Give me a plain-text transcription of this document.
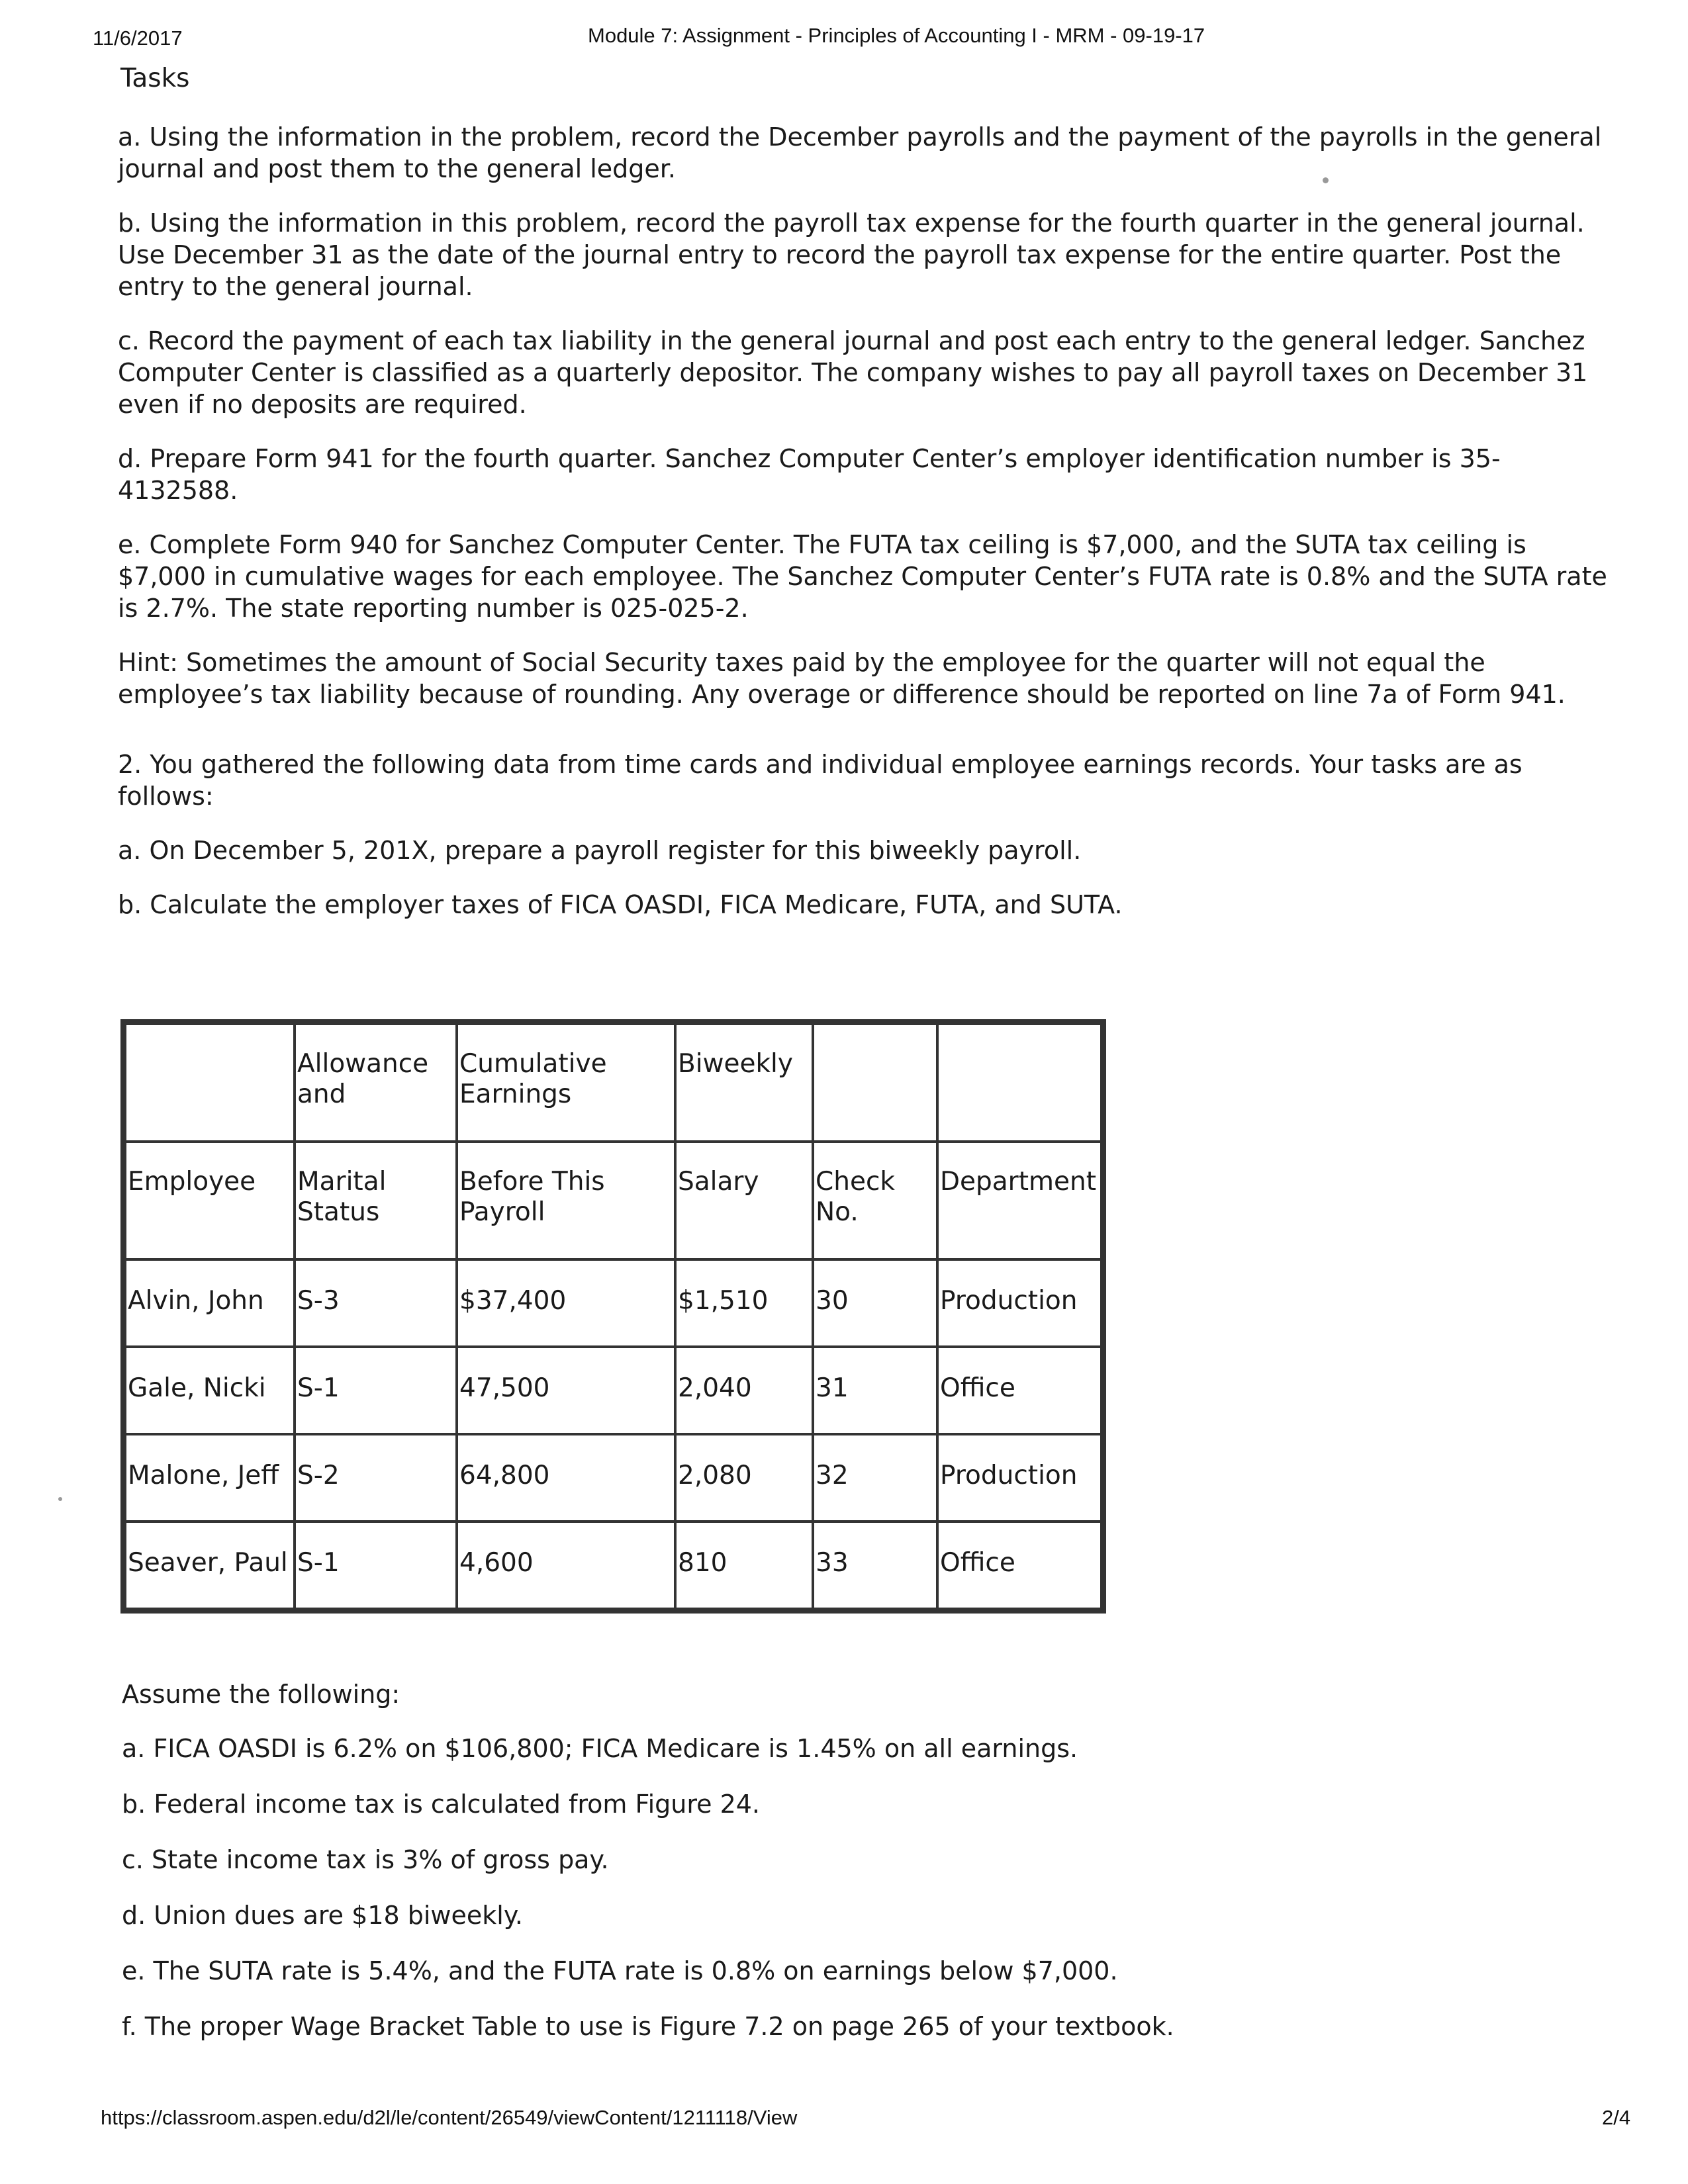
11/6/2017	Module 7: Assignment - Principles of Accounting I - MRM - 09-19-17
Tasks

a. Using the information in the problem, record the December payrolls and the payment of the payrolls in the general journal and post them to the general ledger.

b. Using the information in this problem, record the payroll tax expense for the fourth quarter in the general journal. Use December 31 as the date of the journal entry to record the payroll tax expense for the entire quarter. Post the entry to the general journal.

c. Record the payment of each tax liability in the general journal and post each entry to the general ledger. Sanchez Computer Center is classified as a quarterly depositor. The company wishes to pay all payroll taxes on December 31 even if no deposits are required.

d. Prepare Form 941 for the fourth quarter. Sanchez Computer Center’s employer identification number is 35-4132588.

e. Complete Form 940 for Sanchez Computer Center. The FUTA tax ceiling is $7,000, and the SUTA tax ceiling is $7,000 in cumulative wages for each employee. The Sanchez Computer Center’s FUTA rate is 0.8% and the SUTA rate is 2.7%. The state reporting number is 025-025-2.

Hint: Sometimes the amount of Social Security taxes paid by the employee for the quarter will not equal the employee’s tax liability because of rounding. Any overage or difference should be reported on line 7a of Form 941.

2. You gathered the following data from time cards and individual employee earnings records. Your tasks are as follows:

a. On December 5, 201X, prepare a payroll register for this biweekly payroll.

b. Calculate the employer taxes of FICA OASDI, FICA Medicare, FUTA, and SUTA.

	Allowance and	Cumulative Earnings	Biweekly		
Employee	Marital Status	Before This Payroll	Salary	Check No.	Department
Alvin, John	S-3	$37,400	$1,510	30	Production
Gale, Nicki	S-1	47,500	2,040	31	Office
Malone, Jeff	S-2	64,800	2,080	32	Production
Seaver, Paul	S-1	4,600	810	33	Office

Assume the following:

a. FICA OASDI is 6.2% on $106,800; FICA Medicare is 1.45% on all earnings.

b. Federal income tax is calculated from Figure 24.

c. State income tax is 3% of gross pay.

d. Union dues are $18 biweekly.

e. The SUTA rate is 5.4%, and the FUTA rate is 0.8% on earnings below $7,000.

f. The proper Wage Bracket Table to use is Figure 7.2 on page 265 of your textbook.

https://classroom.aspen.edu/d2l/le/content/26549/viewContent/1211118/View	2/4
